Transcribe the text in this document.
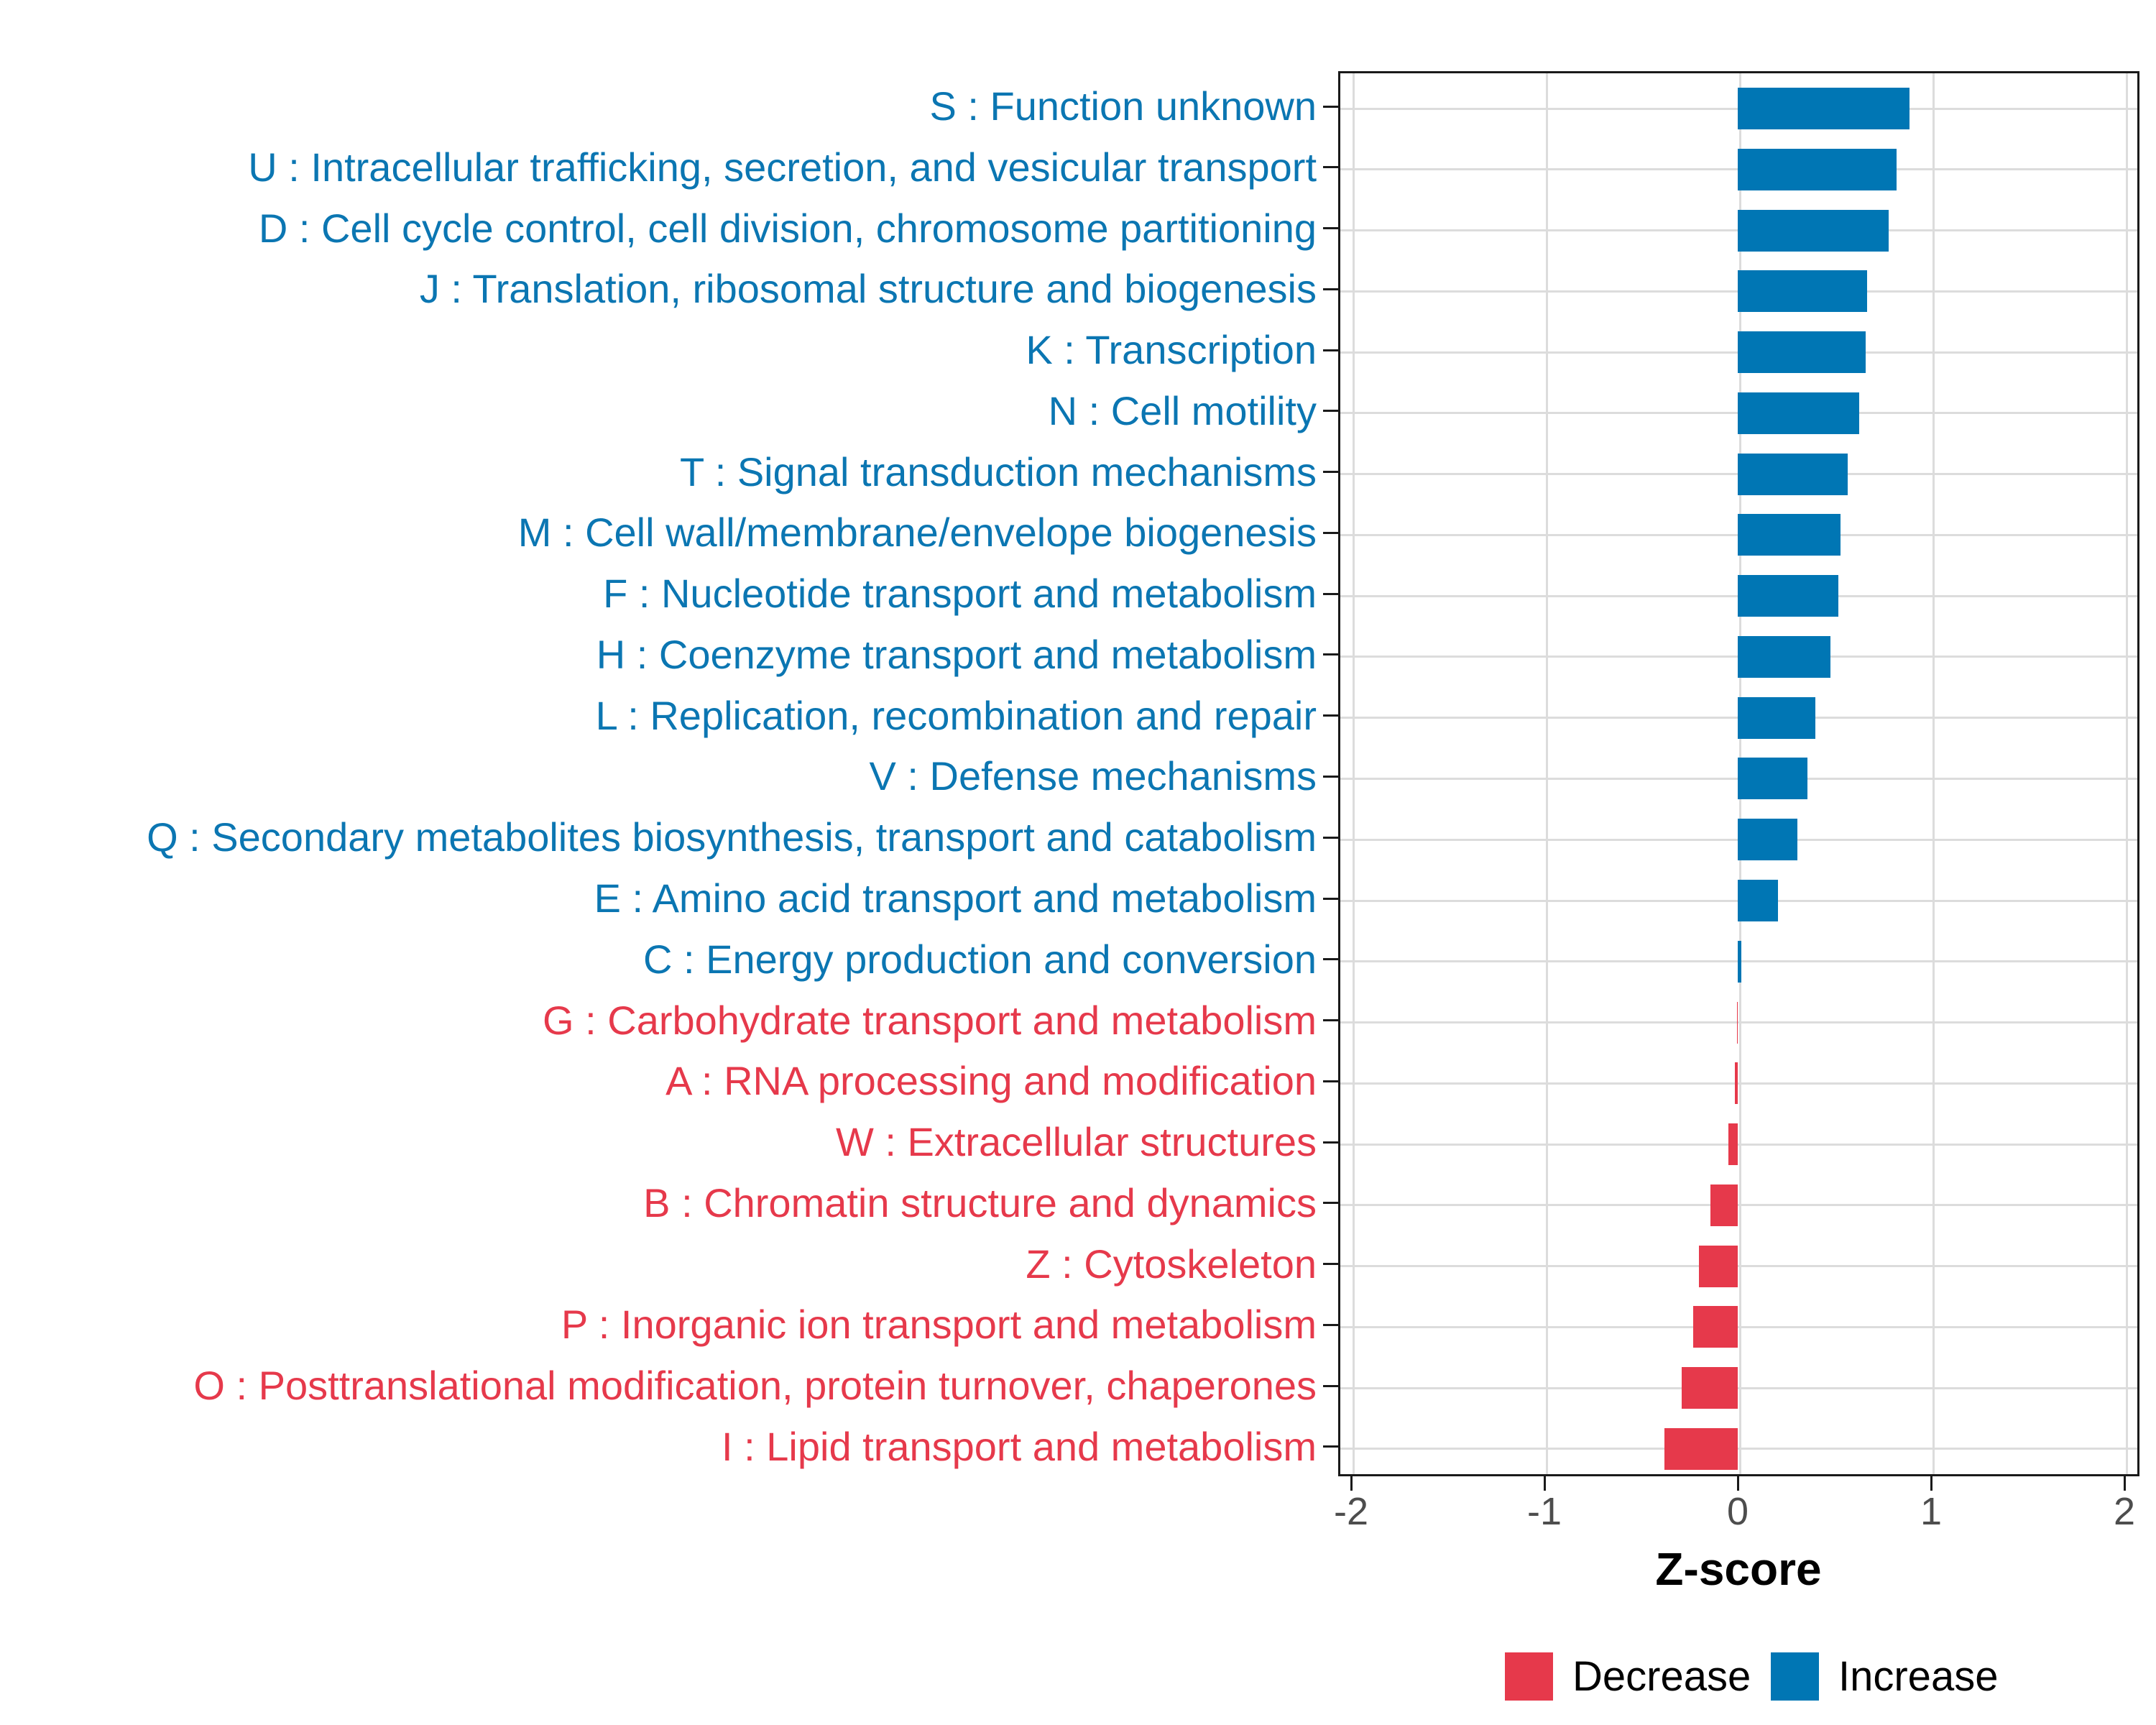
S : Function unknown
U : Intracellular trafficking, secretion, and vesicular transport
D : Cell cycle control, cell division, chromosome partitioning
J : Translation, ribosomal structure and biogenesis
K : Transcription
N : Cell motility
T : Signal transduction mechanisms
M : Cell wall/membrane/envelope biogenesis
F : Nucleotide transport and metabolism
H : Coenzyme transport and metabolism
L : Replication, recombination and repair
V : Defense mechanisms
Q : Secondary metabolites biosynthesis, transport and catabolism
E : Amino acid transport and metabolism
C : Energy production and conversion
G : Carbohydrate transport and metabolism
A : RNA processing and modification
W : Extracellular structures
B : Chromatin structure and dynamics
Z : Cytoskeleton
P : Inorganic ion transport and metabolism
O : Posttranslational modification, protein turnover, chaperones
I : Lipid transport and metabolism
-2	-1	0	1	2
Z-score
Decrease Increase
